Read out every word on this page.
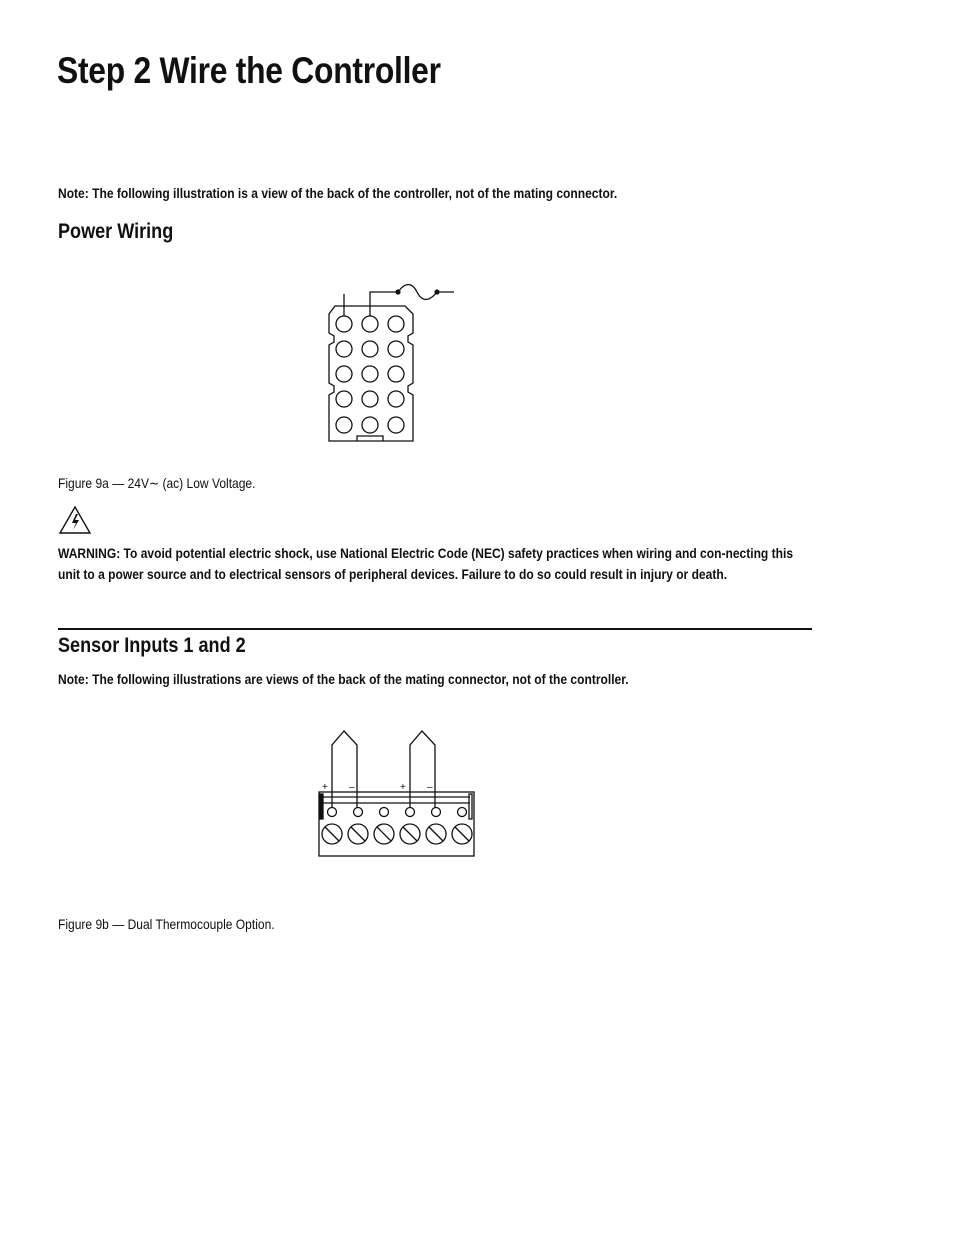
Step 2 Wire the Controller

Note: The following illustration is a view of the back of the controller, not of the mating connector.

Power Wiring

Figure 9a — 24V∼ (ac) Low Voltage.

WARNING: To avoid potential electric shock, use National Electric Code (NEC) safety practices when wiring and con-necting this unit to a power source and to electrical sensors of peripheral devices. Failure to do so could result in injury or death.

Sensor Inputs 1 and 2

Note: The following illustrations are views of the back of the mating connector, not of the controller.

+ –	+ –

Figure 9b — Dual Thermocouple Option.
